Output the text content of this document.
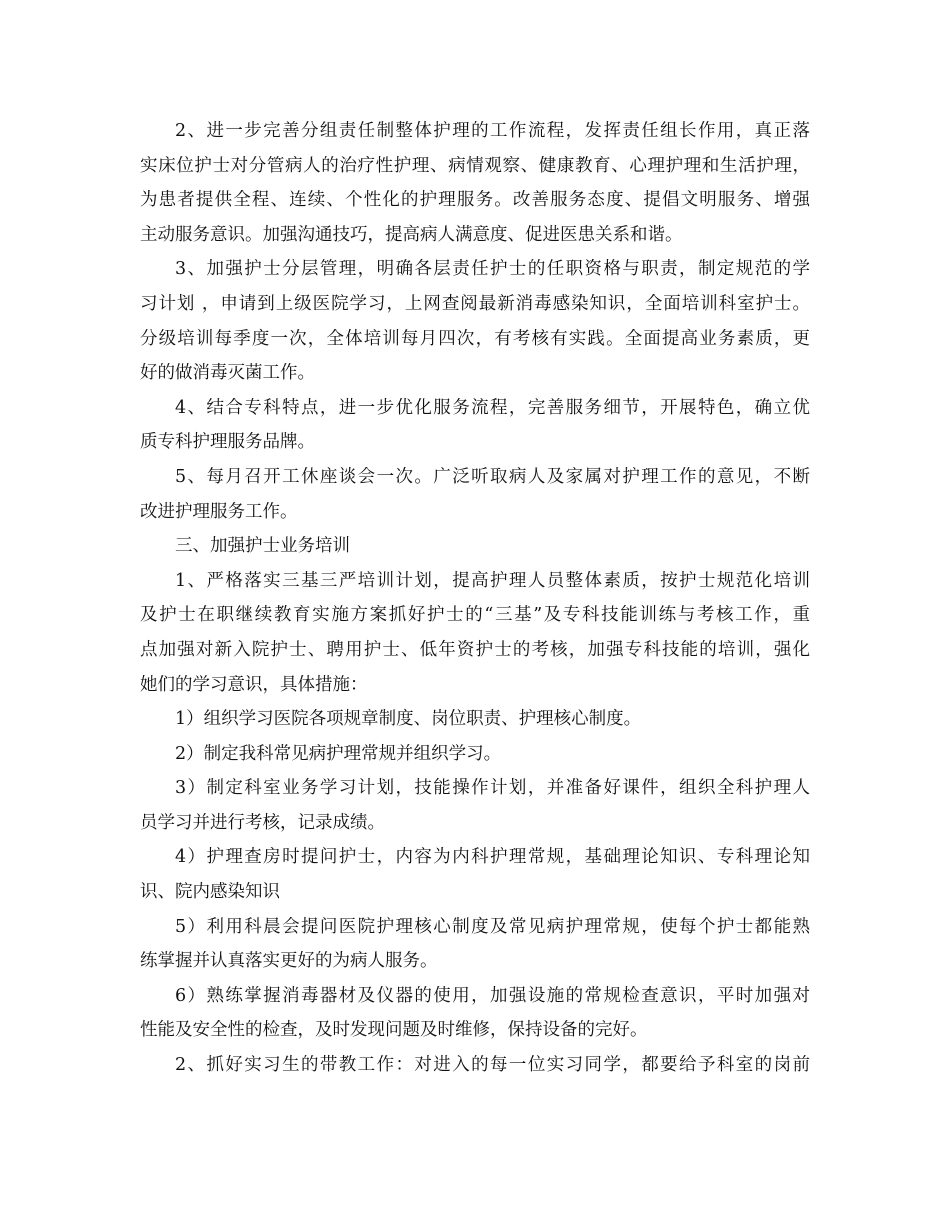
2、进一步完善分组责任制整体护理的工作流程，发挥责任组长作用，真正落
实床位护士对分管病人的治疗性护理、病情观察、健康教育、心理护理和生活护理，
为患者提供全程、连续、个性化的护理服务。改善服务态度、提倡文明服务、增强
主动服务意识。加强沟通技巧，提高病人满意度、促进医患关系和谐。
3、加强护士分层管理，明确各层责任护士的任职资格与职责，制定规范的学
习计划 ，申请到上级医院学习，上网查阅最新消毒感染知识，全面培训科室护士。
分级培训每季度一次，全体培训每月四次，有考核有实践。全面提高业务素质，更
好的做消毒灭菌工作。
4、结合专科特点，进一步优化服务流程，完善服务细节，开展特色，确立优
质专科护理服务品牌。
5、每月召开工休座谈会一次。广泛听取病人及家属对护理工作的意见，不断
改进护理服务工作。
三、加强护士业务培训
1、严格落实三基三严培训计划，提高护理人员整体素质，按护士规范化培训
及护士在职继续教育实施方案抓好护士的“三基”及专科技能训练与考核工作，重
点加强对新入院护士、聘用护士、低年资护士的考核，加强专科技能的培训，强化
她们的学习意识，具体措施：
1）组织学习医院各项规章制度、岗位职责、护理核心制度。
2）制定我科常见病护理常规并组织学习。
3）制定科室业务学习计划，技能操作计划，并准备好课件，组织全科护理人
员学习并进行考核，记录成绩。
4）护理查房时提问护士，内容为内科护理常规，基础理论知识、专科理论知
识、院内感染知识
5）利用科晨会提问医院护理核心制度及常见病护理常规，使每个护士都能熟
练掌握并认真落实更好的为病人服务。
6）熟练掌握消毒器材及仪器的使用，加强设施的常规检查意识，平时加强对
性能及安全性的检查，及时发现问题及时维修，保持设备的完好。
2、抓好实习生的带教工作：对进入的每一位实习同学，都要给予科室的岗前
